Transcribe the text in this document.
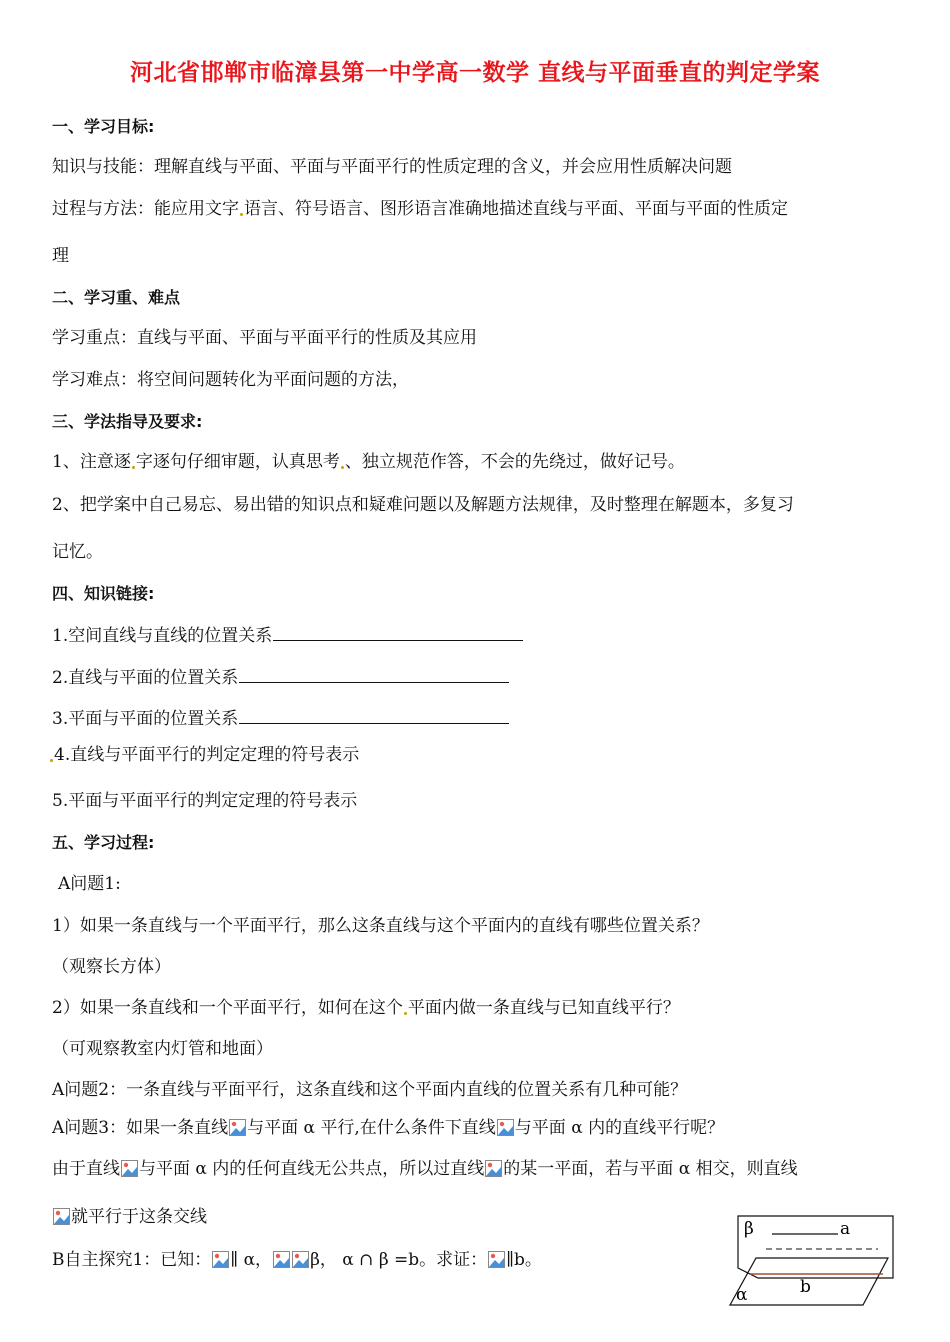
河北省邯郸市临漳县第一中学高一数学 直线与平面垂直的判定学案
一、学习目标:
知识与技能：理解直线与平面、平面与平面平行的性质定理的含义，并会应用性质解决问题
过程与方法：能应用文字 语言、符号语言、图形语言准确地描述直线与平面、平面与平面的性质定
理
二、学习重、难点
学习重点：直线与平面、平面与平面平行的性质及其应用
学习难点：将空间问题转化为平面问题的方法，
三、学法指导及要求:
1、注意逐 字逐句仔细审题，认真思考 、独立规范作答，不会的先绕过，做好记号。
2、把学案中自己易忘、易出错的知识点和疑难问题以及解题方法规律，及时整理在解题本，多复习
记忆。
四、知识链接:
1.空间直线与直线的位置关系
2.直线与平面的位置关系
3.平面与平面的位置关系
4.直线与平面平行的判定定理的符号表示
5.平面与平面平行的判定定理的符号表示
五、学习过程:
A问题1:
1）如果一条直线与一个平面平行，那么这条直线与这个平面内的直线有哪些位置关系？
（观察长方体）
2）如果一条直线和一个平面平行，如何在这个 平面内做一条直线与已知直线平行？
（可观察教室内灯管和地面）
A问题2：一条直线与平面平行，这条直线和这个平面内直线的位置关系有几种可能？
A问题3：如果一条直线 与平面 α 平行,在什么条件下直线 与平面 α 内的直线平行呢？
由于直线 与平面 α 内的任何直线无公共点，所以过直线 的某一平面，若与平面 α 相交，则直线
就平行于这条交线
B自主探究1：已知： ∥ α， β， α ∩ β =b。求证： ∥b。
β	a
b
α
